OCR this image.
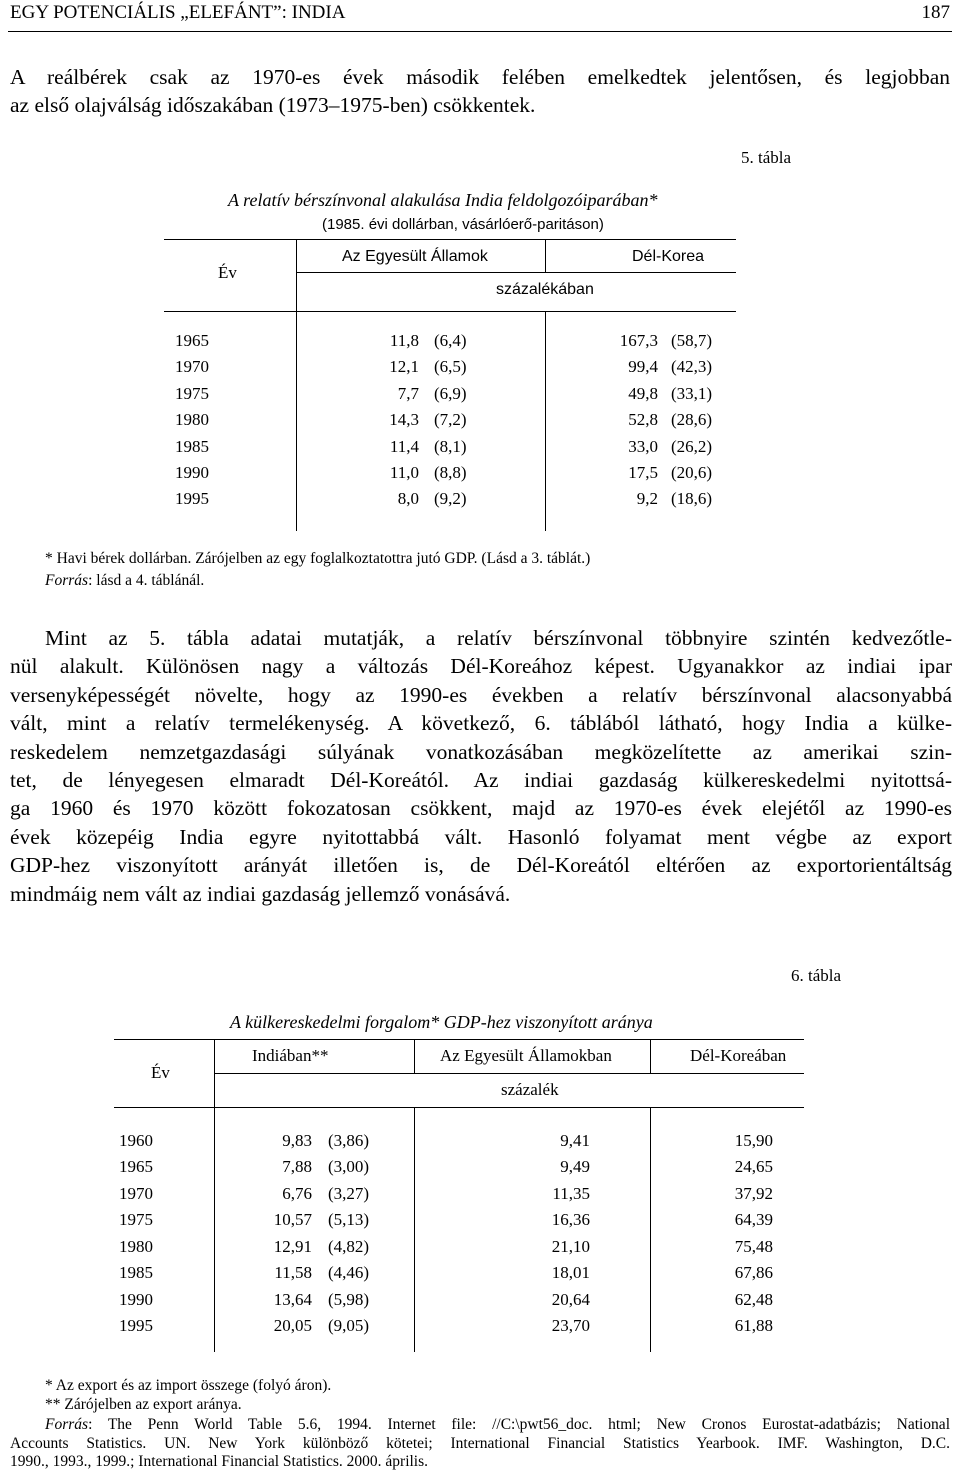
EGY POTENCIÁLIS „ELEFÁNT”: INDIA	187
A reálbérek csak az 1970-es évek második felében emelkedtek jelentősen, és legjobban
az első olajválság időszakában (1973–1975-ben) csökkentek.
5. tábla
A relatív bérszínvonal alakulása India feldolgozóiparában*
(1985. évi dollárban, vásárlóerő-paritáson)
Év
Az Egyesült Államok	Dél-Korea
százalékában
1965	11,8 (6,4)	167,3 (58,7)
1970	12,1 (6,5)	99,4 (42,3)
1975	7,7 (6,9)	49,8 (33,1)
1980	14,3 (7,2)	52,8 (28,6)
1985	11,4 (8,1)	33,0 (26,2)
1990	11,0 (8,8)	17,5 (20,6)
1995	8,0 (9,2)	9,2 (18,6)
* Havi bérek dollárban. Zárójelben az egy foglalkoztatottra jutó GDP. (Lásd a 3. táblát.)
Forrás: lásd a 4. táblánál.
Mint az 5. tábla adatai mutatják, a relatív bérszínvonal többnyire szintén kedvezőtle-
nül alakult. Különösen nagy a változás Dél-Koreához képest. Ugyanakkor az indiai ipar
versenyképességét növelte, hogy az 1990-es években a relatív bérszínvonal alacsonyabbá
vált, mint a relatív termelékenység. A következő, 6. táblából látható, hogy India a külke-
reskedelem nemzetgazdasági súlyának vonatkozásában megközelítette az amerikai szin-
tet, de lényegesen elmaradt Dél-Koreától. Az indiai gazdaság külkereskedelmi nyitottsá-
ga 1960 és 1970 között fokozatosan csökkent, majd az 1970-es évek elejétől az 1990-es
évek közepéig India egyre nyitottabbá vált. Hasonló folyamat ment végbe az export
GDP-hez viszonyított arányát illetően is, de Dél-Koreától eltérően az exportorientáltság
mindmáig nem vált az indiai gazdaság jellemző vonásává.
6. tábla
A külkereskedelmi forgalom* GDP-hez viszonyított aránya
Év
Indiában**	Az Egyesült Államokban	Dél-Koreában
százalék
1960	9,83 (3,86)	9,41	15,90
1965	7,88 (3,00)	9,49	24,65
1970	6,76 (3,27)	11,35	37,92
1975	10,57 (5,13)	16,36	64,39
1980	12,91 (4,82)	21,10	75,48
1985	11,58 (4,46)	18,01	67,86
1990	13,64 (5,98)	20,64	62,48
1995	20,05 (9,05)	23,70	61,88
* Az export és az import összege (folyó áron).
** Zárójelben az export aránya.
Forrás: The Penn World Table 5.6, 1994. Internet file: //C:\pwt56_doc. html; New Cronos Eurostat-adatbázis; National
Accounts Statistics. UN. New York különböző kötetei; International Financial Statistics Yearbook. IMF. Washington, D.C.
1990., 1993., 1999.; International Financial Statistics. 2000. április.
